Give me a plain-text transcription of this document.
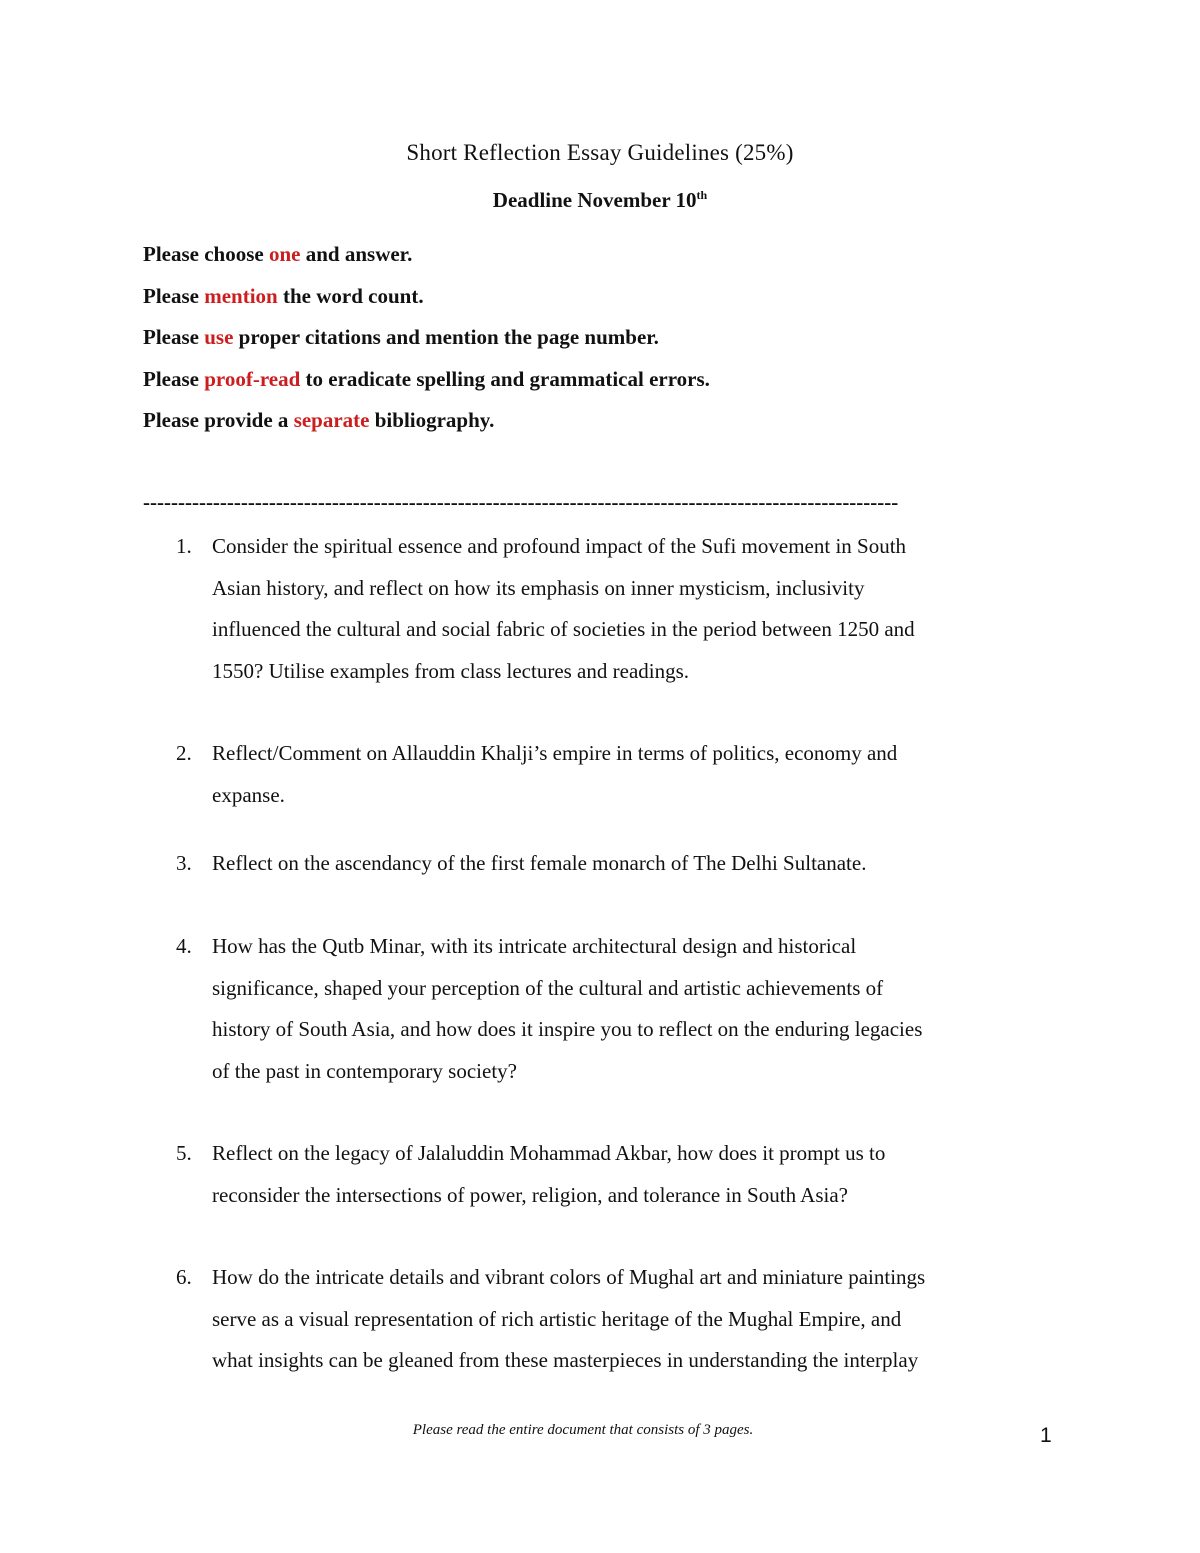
Short Reflection Essay Guidelines (25%)
Deadline November 10th
Please choose one and answer.
Please mention the word count.
Please use proper citations and mention the page number.
Please proof-read to eradicate spelling and grammatical errors.
Please provide a separate bibliography.
------------------------------------------------------------------------------------------------------------
1. Consider the spiritual essence and profound impact of the Sufi movement in South
Asian history, and reflect on how its emphasis on inner mysticism, inclusivity
influenced the cultural and social fabric of societies in the period between 1250 and
1550? Utilise examples from class lectures and readings.
2. Reflect/Comment on Allauddin Khalji’s empire in terms of politics, economy and
expanse.
3. Reflect on the ascendancy of the first female monarch of The Delhi Sultanate.
4. How has the Qutb Minar, with its intricate architectural design and historical
significance, shaped your perception of the cultural and artistic achievements of
history of South Asia, and how does it inspire you to reflect on the enduring legacies
of the past in contemporary society?
5. Reflect on the legacy of Jalaluddin Mohammad Akbar, how does it prompt us to
reconsider the intersections of power, religion, and tolerance in South Asia?
6. How do the intricate details and vibrant colors of Mughal art and miniature paintings
serve as a visual representation of rich artistic heritage of the Mughal Empire, and
what insights can be gleaned from these masterpieces in understanding the interplay
Please read the entire document that consists of 3 pages.	1
